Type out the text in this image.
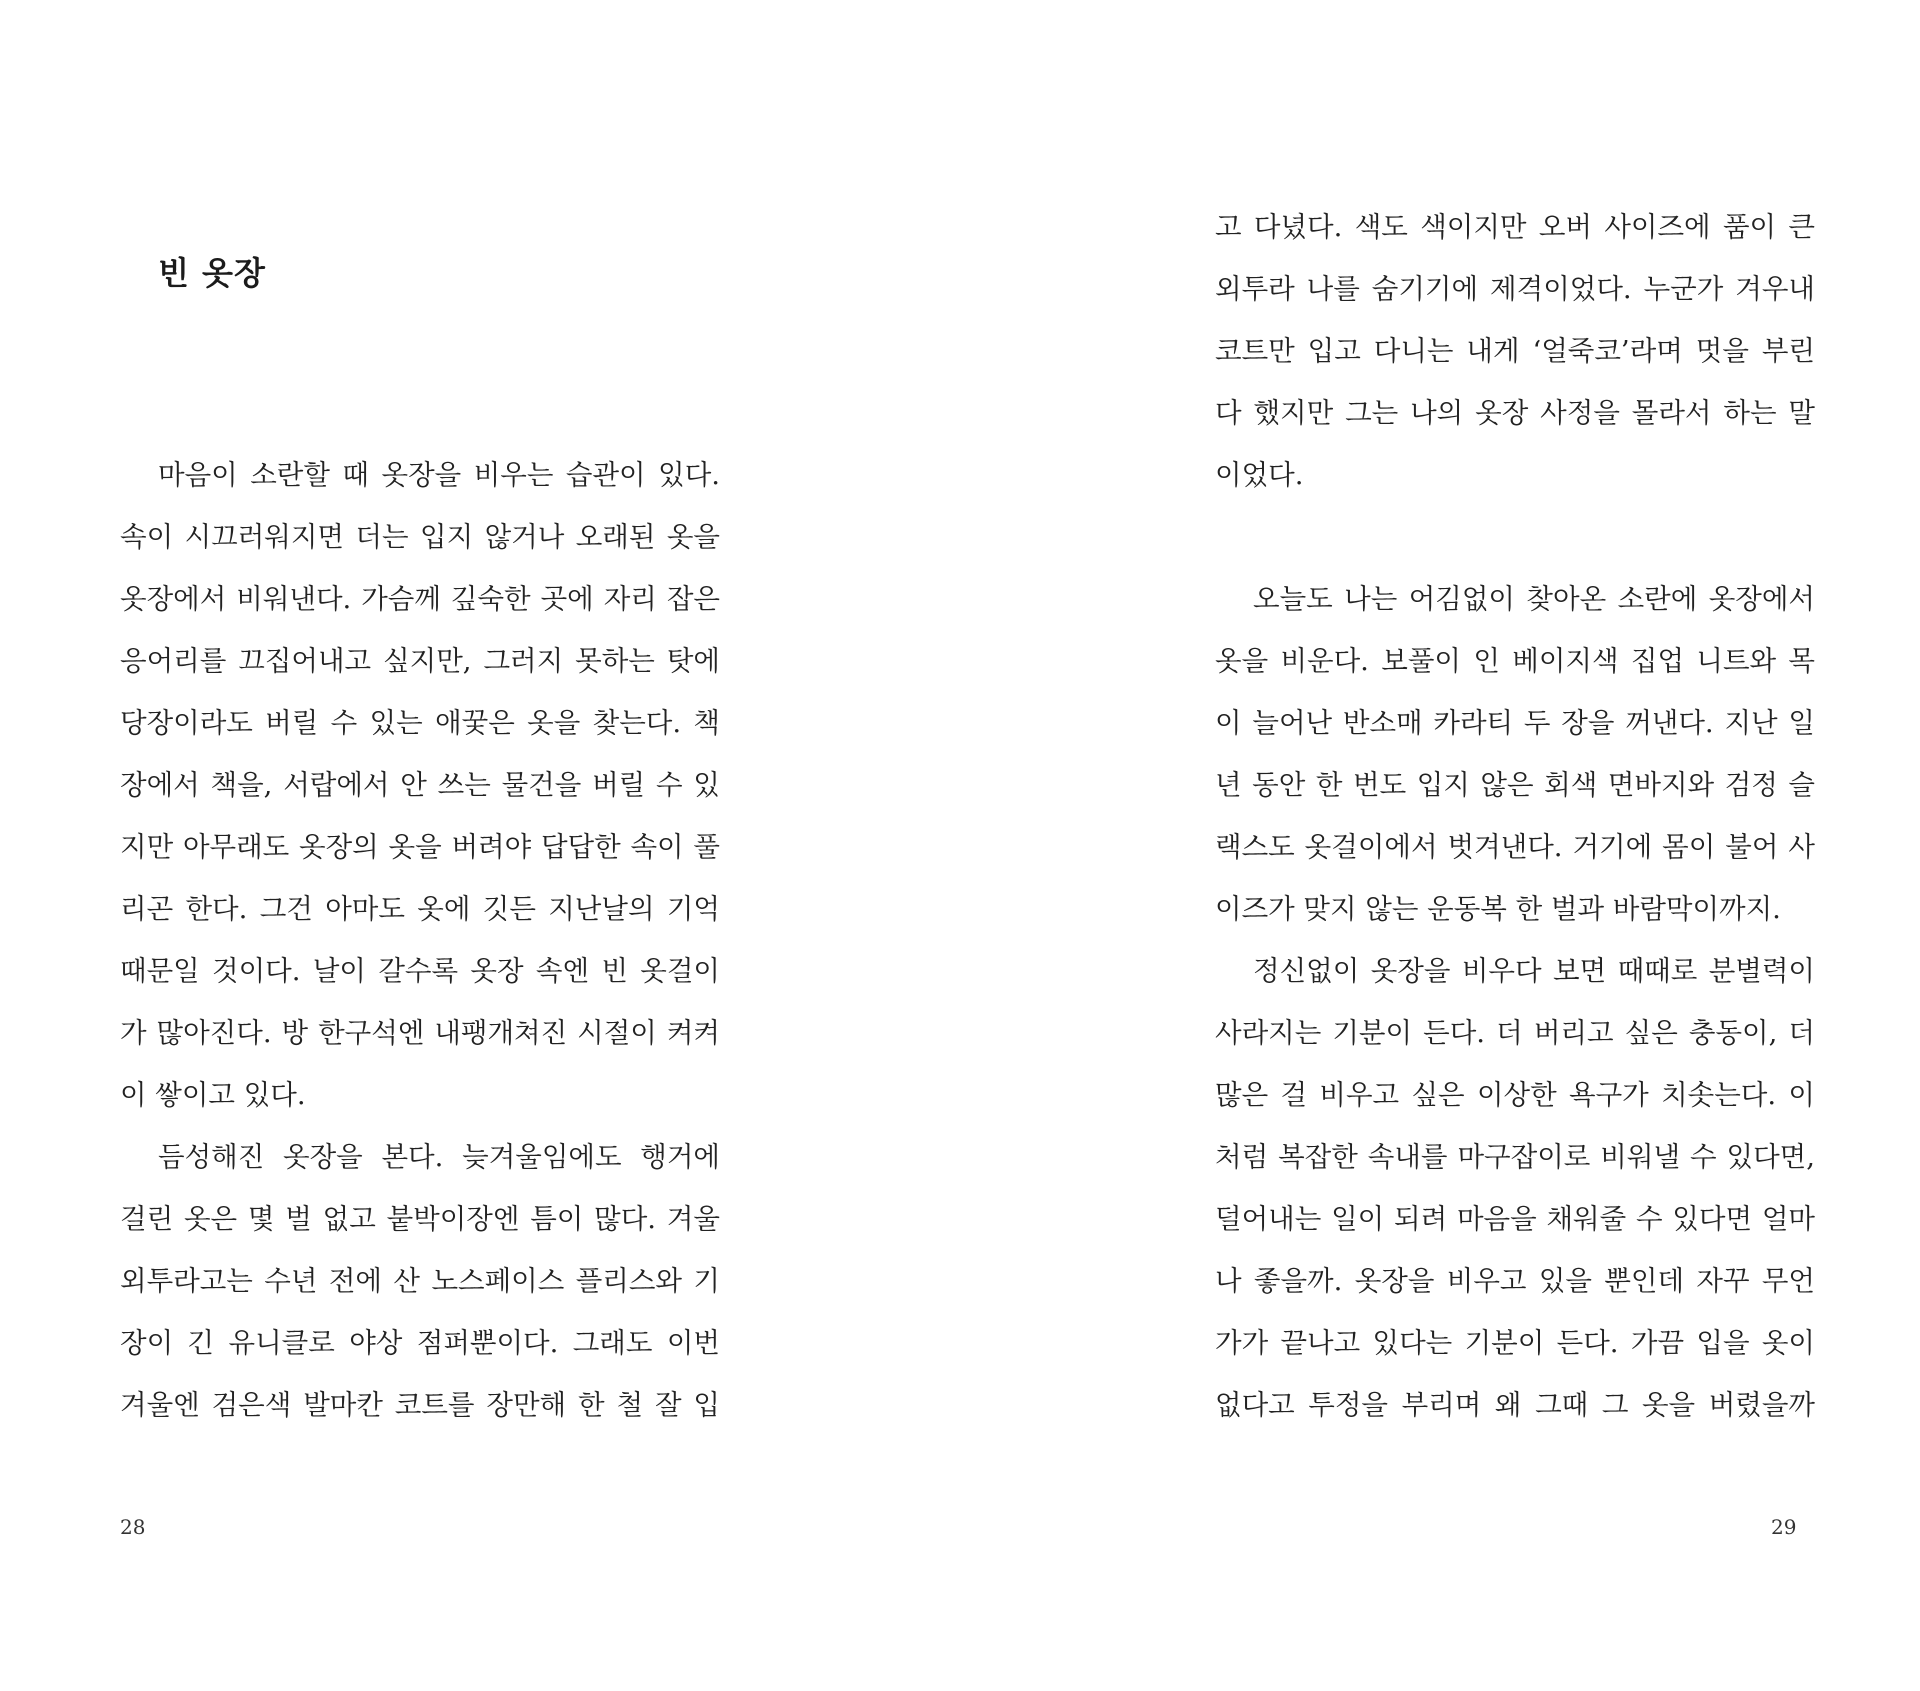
빈 옷장
마음이 소란할 때 옷장을 비우는 습관이 있다.
속이 시끄러워지면 더는 입지 않거나 오래된 옷을
옷장에서 비워낸다. 가슴께 깊숙한 곳에 자리 잡은
응어리를 끄집어내고 싶지만, 그러지 못하는 탓에
당장이라도 버릴 수 있는 애꿎은 옷을 찾는다. 책
장에서 책을, 서랍에서 안 쓰는 물건을 버릴 수 있
지만 아무래도 옷장의 옷을 버려야 답답한 속이 풀
리곤 한다. 그건 아마도 옷에 깃든 지난날의 기억
때문일 것이다. 날이 갈수록 옷장 속엔 빈 옷걸이
가 많아진다. 방 한구석엔 내팽개쳐진 시절이 켜켜
이 쌓이고 있다.
듬성해진 옷장을 본다. 늦겨울임에도 행거에
걸린 옷은 몇 벌 없고 붙박이장엔 틈이 많다. 겨울
외투라고는 수년 전에 산 노스페이스 플리스와 기
장이 긴 유니클로 야상 점퍼뿐이다. 그래도 이번
겨울엔 검은색 발마칸 코트를 장만해 한 철 잘 입
28
고 다녔다. 색도 색이지만 오버 사이즈에 품이 큰
외투라 나를 숨기기에 제격이었다. 누군가 겨우내
코트만 입고 다니는 내게 ‘얼죽코’라며 멋을 부린
다 했지만 그는 나의 옷장 사정을 몰라서 하는 말
이었다.
오늘도 나는 어김없이 찾아온 소란에 옷장에서
옷을 비운다. 보풀이 인 베이지색 집업 니트와 목
이 늘어난 반소매 카라티 두 장을 꺼낸다. 지난 일
년 동안 한 번도 입지 않은 회색 면바지와 검정 슬
랙스도 옷걸이에서 벗겨낸다. 거기에 몸이 불어 사
이즈가 맞지 않는 운동복 한 벌과 바람막이까지.
정신없이 옷장을 비우다 보면 때때로 분별력이
사라지는 기분이 든다. 더 버리고 싶은 충동이, 더
많은 걸 비우고 싶은 이상한 욕구가 치솟는다. 이
처럼 복잡한 속내를 마구잡이로 비워낼 수 있다면,
덜어내는 일이 되려 마음을 채워줄 수 있다면 얼마
나 좋을까. 옷장을 비우고 있을 뿐인데 자꾸 무언
가가 끝나고 있다는 기분이 든다. 가끔 입을 옷이
없다고 투정을 부리며 왜 그때 그 옷을 버렸을까
29
